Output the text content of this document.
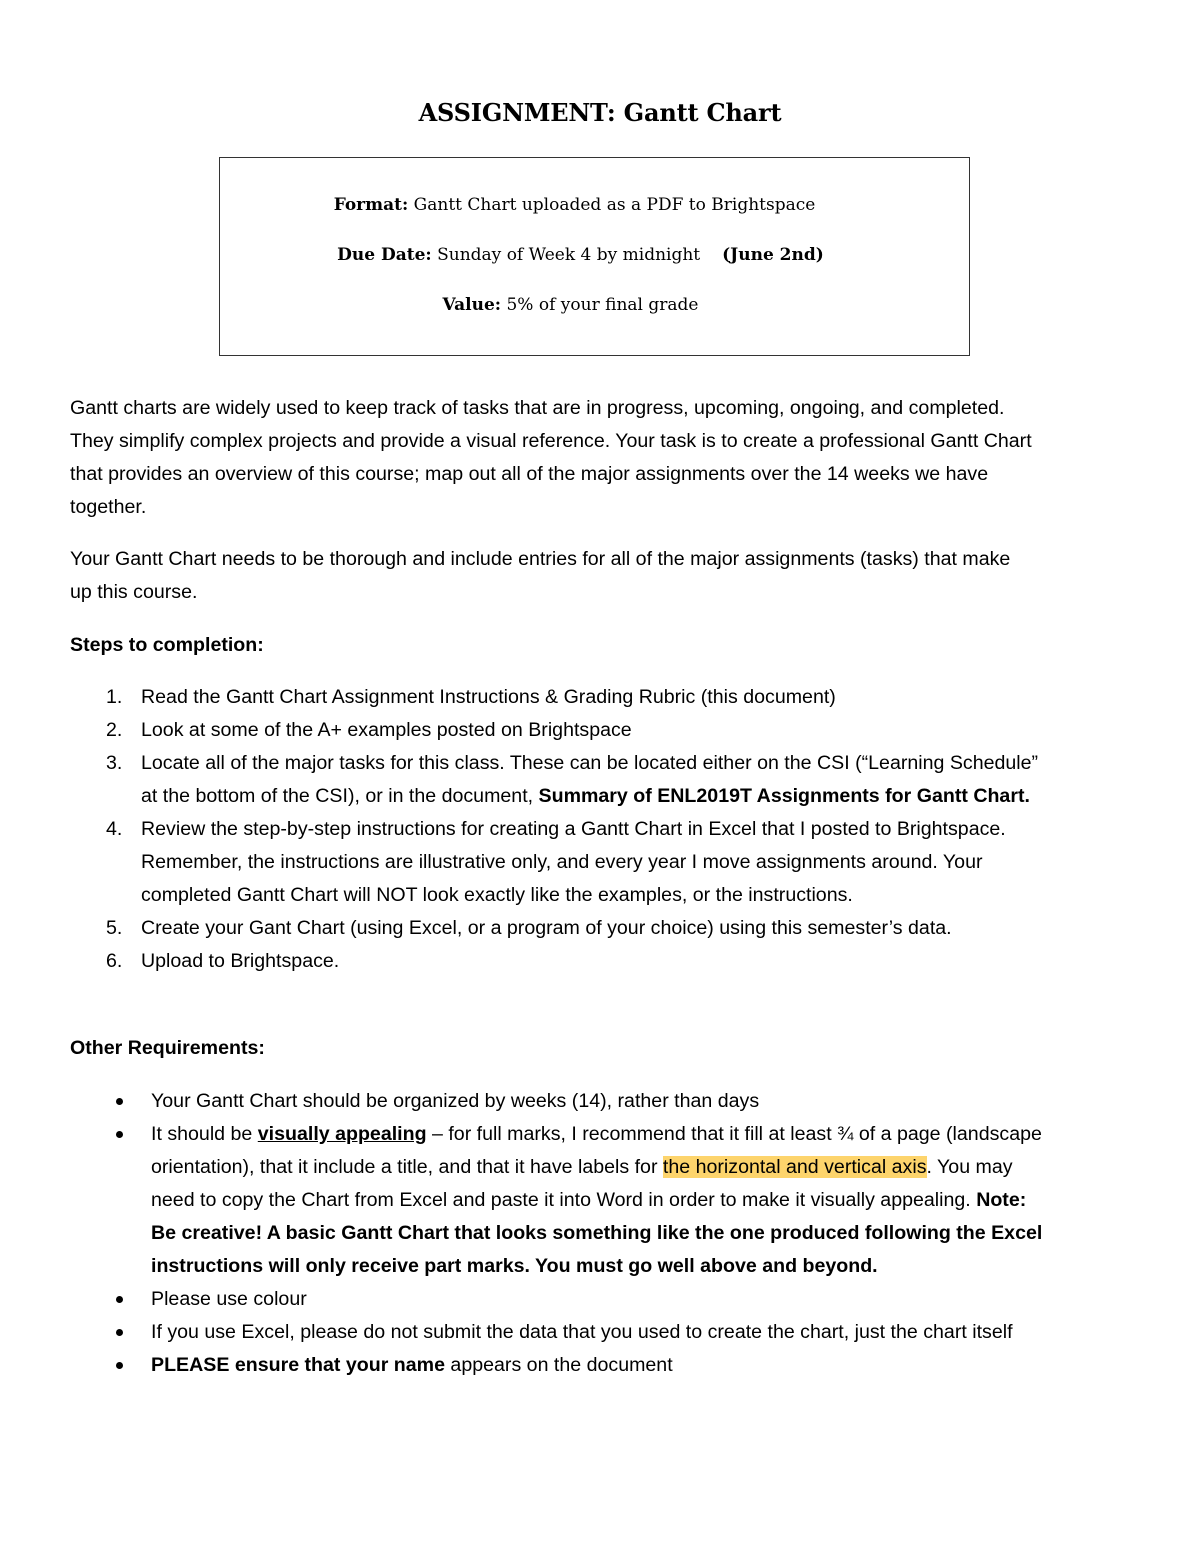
ASSIGNMENT: Gantt Chart
Format: Gantt Chart uploaded as a PDF to Brightspace
Due Date: Sunday of Week 4 by midnight (June 2nd)
Value: 5% of your final grade
Gantt charts are widely used to keep track of tasks that are in progress, upcoming, ongoing, and completed.
They simplify complex projects and provide a visual reference. Your task is to create a professional Gantt Chart
that provides an overview of this course; map out all of the major assignments over the 14 weeks we have
together.
Your Gantt Chart needs to be thorough and include entries for all of the major assignments (tasks) that make
up this course.
Steps to completion:
1. Read the Gantt Chart Assignment Instructions & Grading Rubric (this document)
2. Look at some of the A+ examples posted on Brightspace
3. Locate all of the major tasks for this class. These can be located either on the CSI (“Learning Schedule”
at the bottom of the CSI), or in the document, Summary of ENL2019T Assignments for Gantt Chart.
4. Review the step-by-step instructions for creating a Gantt Chart in Excel that I posted to Brightspace.
Remember, the instructions are illustrative only, and every year I move assignments around. Your
completed Gantt Chart will NOT look exactly like the examples, or the instructions.
5. Create your Gant Chart (using Excel, or a program of your choice) using this semester’s data.
6. Upload to Brightspace.
Other Requirements:
Your Gantt Chart should be organized by weeks (14), rather than days
It should be visually appealing – for full marks, I recommend that it fill at least ¾ of a page (landscape
orientation), that it include a title, and that it have labels for the horizontal and vertical axis. You may
need to copy the Chart from Excel and paste it into Word in order to make it visually appealing. Note:
Be creative! A basic Gantt Chart that looks something like the one produced following the Excel
instructions will only receive part marks. You must go well above and beyond.
Please use colour
If you use Excel, please do not submit the data that you used to create the chart, just the chart itself
PLEASE ensure that your name appears on the document
